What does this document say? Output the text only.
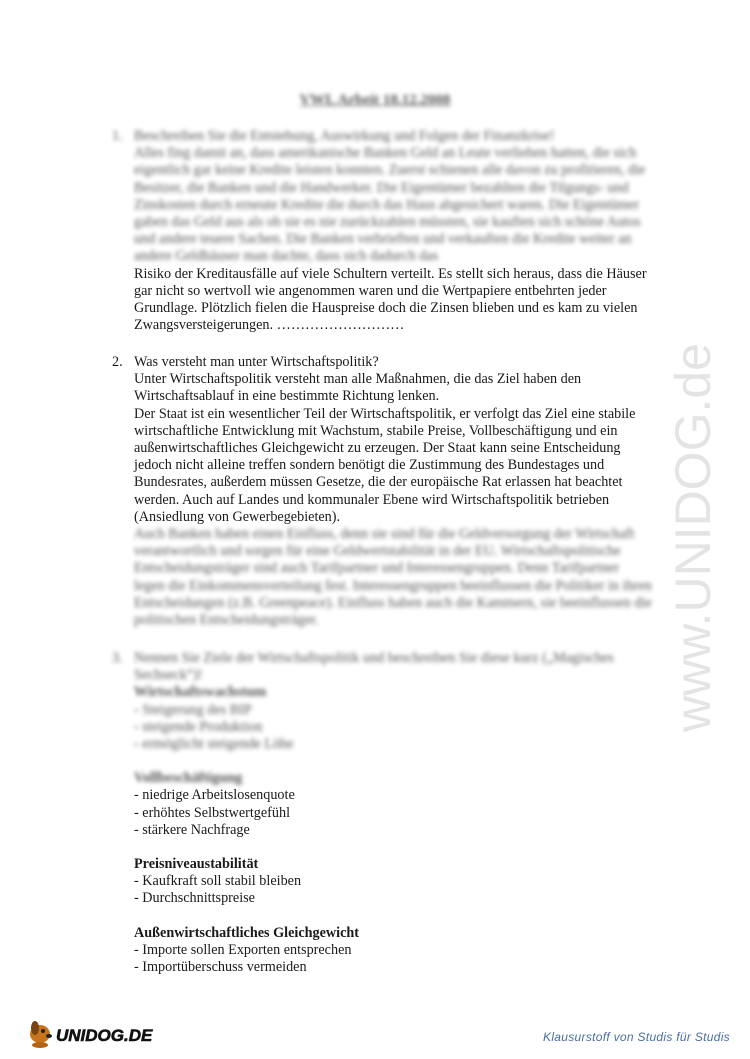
VWL Arbeit 18.12.2008
1. Beschreiben Sie die Entstehung, Auswirkung und Folgen der Finanzkrise!

Alles fing damit an, dass amerikanische Banken Geld an Leute verliehen hatten, die sich eigentlich gar keine Kredite leisten konnten. Zuerst schienen alle davon zu profitieren, die Besitzer, die Banken und die Handwerker. Die Eigentümer bezahlten die Tilgungs- und Zinskosten durch erneute Kredite die durch das Haus abgesichert waren. Die Eigentümer gaben das Geld aus als ob sie es nie zurückzahlen müssten, sie kauften sich schöne Autos und andere teuere Sachen. Die Banken verbrieften und verkauften die Kredite weiter an andere Geldhäuser man dachte, dass sich dadurch das

Risiko der Kreditausfälle auf viele Schultern verteilt. Es stellt sich heraus, dass die Häuser gar nicht so wertvoll wie angenommen waren und die Wertpapiere entbehrten jeder Grundlage. Plötzlich fielen die Hauspreise doch die Zinsen blieben und es kam zu vielen Zwangsversteigerungen. ………………………

2. Was versteht man unter Wirtschaftspolitik?

Unter Wirtschaftspolitik versteht man alle Maßnahmen, die das Ziel haben den Wirtschaftsablauf in eine bestimmte Richtung lenken.

Der Staat ist ein wesentlicher Teil der Wirtschaftspolitik, er verfolgt das Ziel eine stabile wirtschaftliche Entwicklung mit Wachstum, stabile Preise, Vollbeschäftigung und ein außenwirtschaftliches Gleichgewicht zu erzeugen. Der Staat kann seine Entscheidung jedoch nicht alleine treffen sondern benötigt die Zustimmung des Bundestages und Bundesrates, außerdem müssen Gesetze, die der europäische Rat erlassen hat beachtet werden. Auch auf Landes und kommunaler Ebene wird Wirtschaftspolitik betrieben (Ansiedlung von Gewerbegebieten).

Auch Banken haben einen Einfluss, denn sie sind für die Geldversorgung der Wirtschaft verantwortlich und sorgen für eine Geldwertstabilität in der EU. Wirtschaftspolitische Entscheidungsträger sind auch Tarifpartner und Interessengruppen. Denn Tarifpartner legen die Einkommensverteilung fest. Interessengruppen beeinflussen die Politiker in ihren Entscheidungen (z.B. Greenpeace). Einfluss haben auch die Kammern, sie beeinflussen die politischen Entscheidungsträger.

3. Nennen Sie Ziele der Wirtschaftspolitik und beschreiben Sie diese kurz („Magisches Sechseck“)!

Wirtschaftswachstum
- Steigerung des BIP
- steigende Produktion
- ermöglicht steigende Löhe
Vollbeschäftigung
- niedrige Arbeitslosenquote
- erhöhtes Selbstwertgefühl
- stärkere Nachfrage
Preisniveaustabilität
- Kaufkraft soll stabil bleiben
- Durchschnittspreise
Außenwirtschaftliches Gleichgewicht
- Importe sollen Exporten entsprechen
- Importüberschuss vermeiden
www.UNIDOG.de
UNIDOG.DE	Klausurstoff von Studis für Studis
